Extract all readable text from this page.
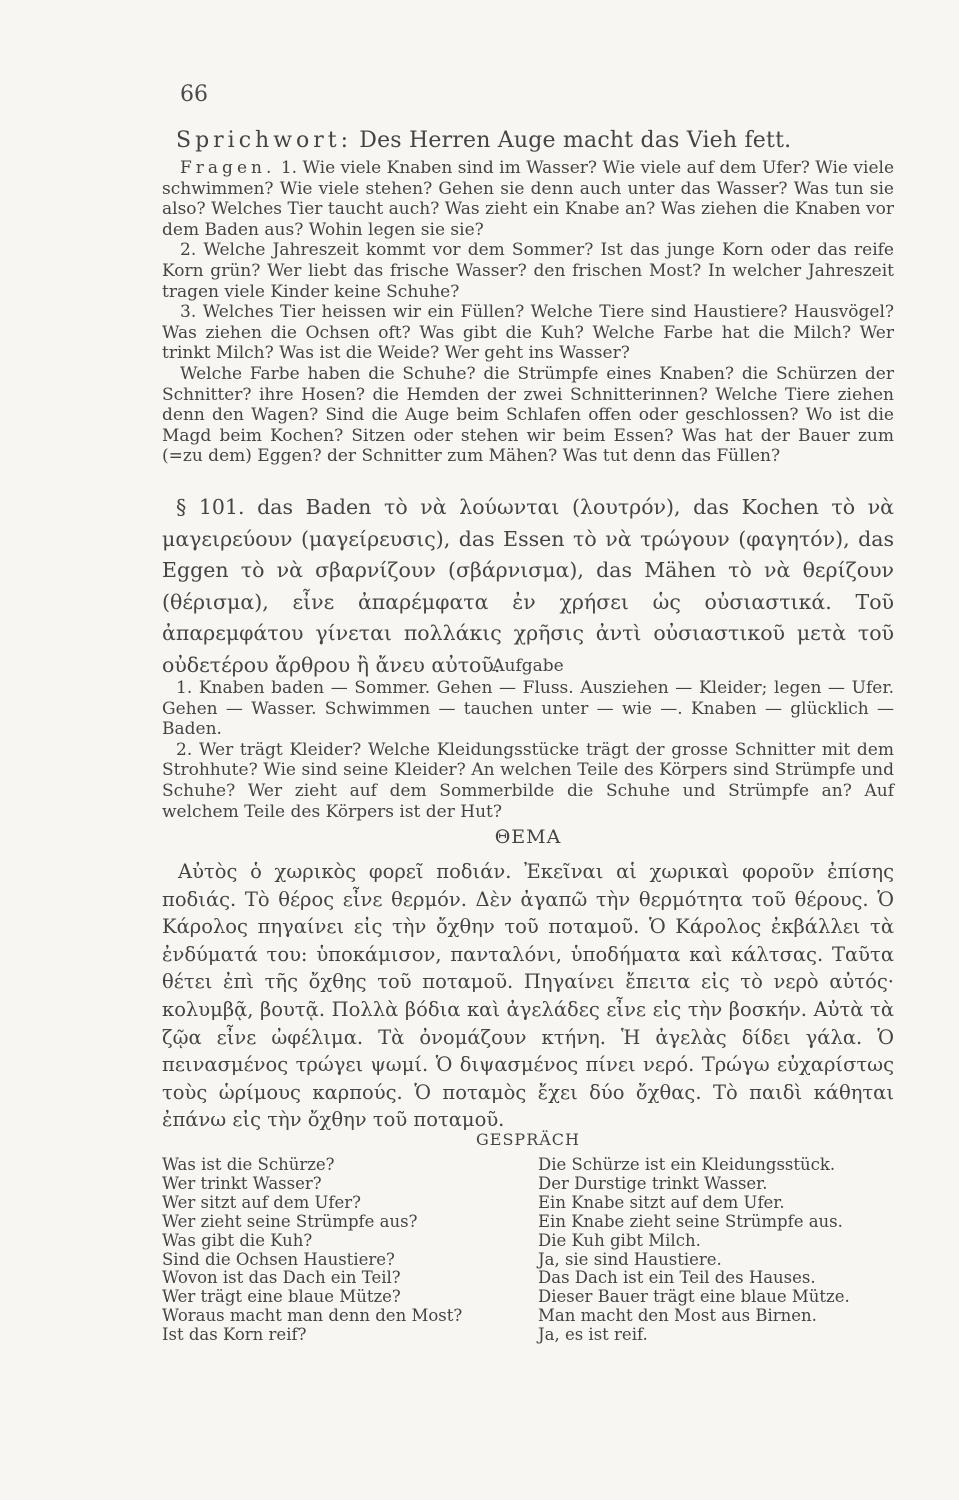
66
Sprichwort: Des Herren Auge macht das Vieh fett.

Fragen. 1. Wie viele Knaben sind im Wasser? Wie viele auf dem Ufer? Wie viele schwimmen? Wie viele stehen? Gehen sie denn auch unter das Wasser? Was tun sie also? Welches Tier taucht auch? Was zieht ein Knabe an? Was ziehen die Knaben vor dem Baden aus? Wohin legen sie sie?

2. Welche Jahreszeit kommt vor dem Sommer? Ist das junge Korn oder das reife Korn grün? Wer liebt das frische Wasser? den frischen Most? In welcher Jahreszeit tragen viele Kinder keine Schuhe?

3. Welches Tier heissen wir ein Füllen? Welche Tiere sind Haustiere? Hausvögel? Was ziehen die Ochsen oft? Was gibt die Kuh? Welche Farbe hat die Milch? Wer trinkt Milch? Was ist die Weide? Wer geht ins Wasser?

Welche Farbe haben die Schuhe? die Strümpfe eines Knaben? die Schürzen der Schnitter? ihre Hosen? die Hemden der zwei Schnitterinnen? Welche Tiere ziehen denn den Wagen? Sind die Auge beim Schlafen offen oder geschlossen? Wo ist die Magd beim Kochen? Sitzen oder stehen wir beim Essen? Was hat der Bauer zum (=zu dem) Eggen? der Schnitter zum Mähen? Was tut denn das Füllen?

§ 101. das Baden τὸ νὰ λούωνται (λουτρόν), das Kochen τὸ νὰ μαγειρεύουν (μαγείρευσις), das Essen τὸ νὰ τρώγουν (φαγητόν), das Eggen τὸ νὰ σβαρνίζουν (σβάρνισμα), das Mähen τὸ νὰ θερίζουν (θέρισμα), εἶνε ἀπαρέμφατα ἐν χρήσει ὡς οὐσιαστικά. Τοῦ ἀπαρεμφάτου γίνεται πολλάκις χρῆσις ἀντὶ οὐσιαστικοῦ μετὰ τοῦ οὐδετέρου ἄρθρου ἢ ἄνευ αὐτοῦ.

Aufgabe

1. Knaben baden — Sommer. Gehen — Fluss. Ausziehen — Kleider; legen — Ufer. Gehen — Wasser. Schwimmen — tauchen unter — wie —. Knaben — glücklich — Baden.

2. Wer trägt Kleider? Welche Kleidungsstücke trägt der grosse Schnitter mit dem Strohhute? Wie sind seine Kleider? An welchen Teile des Körpers sind Strümpfe und Schuhe? Wer zieht auf dem Sommerbilde die Schuhe und Strümpfe an? Auf welchem Teile des Körpers ist der Hut?

ΘΕΜΑ

Αὐτὸς ὁ χωρικὸς φορεῖ ποδιάν. Ἐκεῖναι αἱ χωρικαὶ φοροῦν ἐπίσης ποδιάς. Τὸ θέρος εἶνε θερμόν. Δὲν ἀγαπῶ τὴν θερμότητα τοῦ θέρους. Ὁ Κάρολος πηγαίνει εἰς τὴν ὄχθην τοῦ ποταμοῦ. Ὁ Κάρολος ἐκβάλλει τὰ ἐνδύματά του: ὑποκάμισον, πανταλόνι, ὑποδήματα καὶ κάλτσας. Ταῦτα θέτει ἐπὶ τῆς ὄχθης τοῦ ποταμοῦ. Πηγαίνει ἔπειτα εἰς τὸ νερὸ αὐτός· κολυμβᾷ, βουτᾷ. Πολλὰ βόδια καὶ ἀγελάδες εἶνε εἰς τὴν βοσκήν. Αὐτὰ τὰ ζῷα εἶνε ὠφέλιμα. Τὰ ὀνομάζουν κτήνη. Ἡ ἀγελὰς δίδει γάλα. Ὁ πεινασμένος τρώγει ψωμί. Ὁ διψασμένος πίνει νερό. Τρώγω εὐχαρίστως τοὺς ὡρίμους καρπούς. Ὁ ποταμὸς ἔχει δύο ὄχθας. Τὸ παιδὶ κάθηται ἐπάνω εἰς τὴν ὄχθην τοῦ ποταμοῦ.

GESPRÄCH
Was ist die Schürze?
Wer trinkt Wasser?
Wer sitzt auf dem Ufer?
Wer zieht seine Strümpfe aus?
Was gibt die Kuh?
Sind die Ochsen Haustiere?
Wovon ist das Dach ein Teil?
Wer trägt eine blaue Mütze?
Woraus macht man denn den Most?
Ist das Korn reif?
Die Schürze ist ein Kleidungsstück.
Der Durstige trinkt Wasser.
Ein Knabe sitzt auf dem Ufer.
Ein Knabe zieht seine Strümpfe aus.
Die Kuh gibt Milch.
Ja, sie sind Haustiere.
Das Dach ist ein Teil des Hauses.
Dieser Bauer trägt eine blaue Mütze.
Man macht den Most aus Birnen.
Ja, es ist reif.
